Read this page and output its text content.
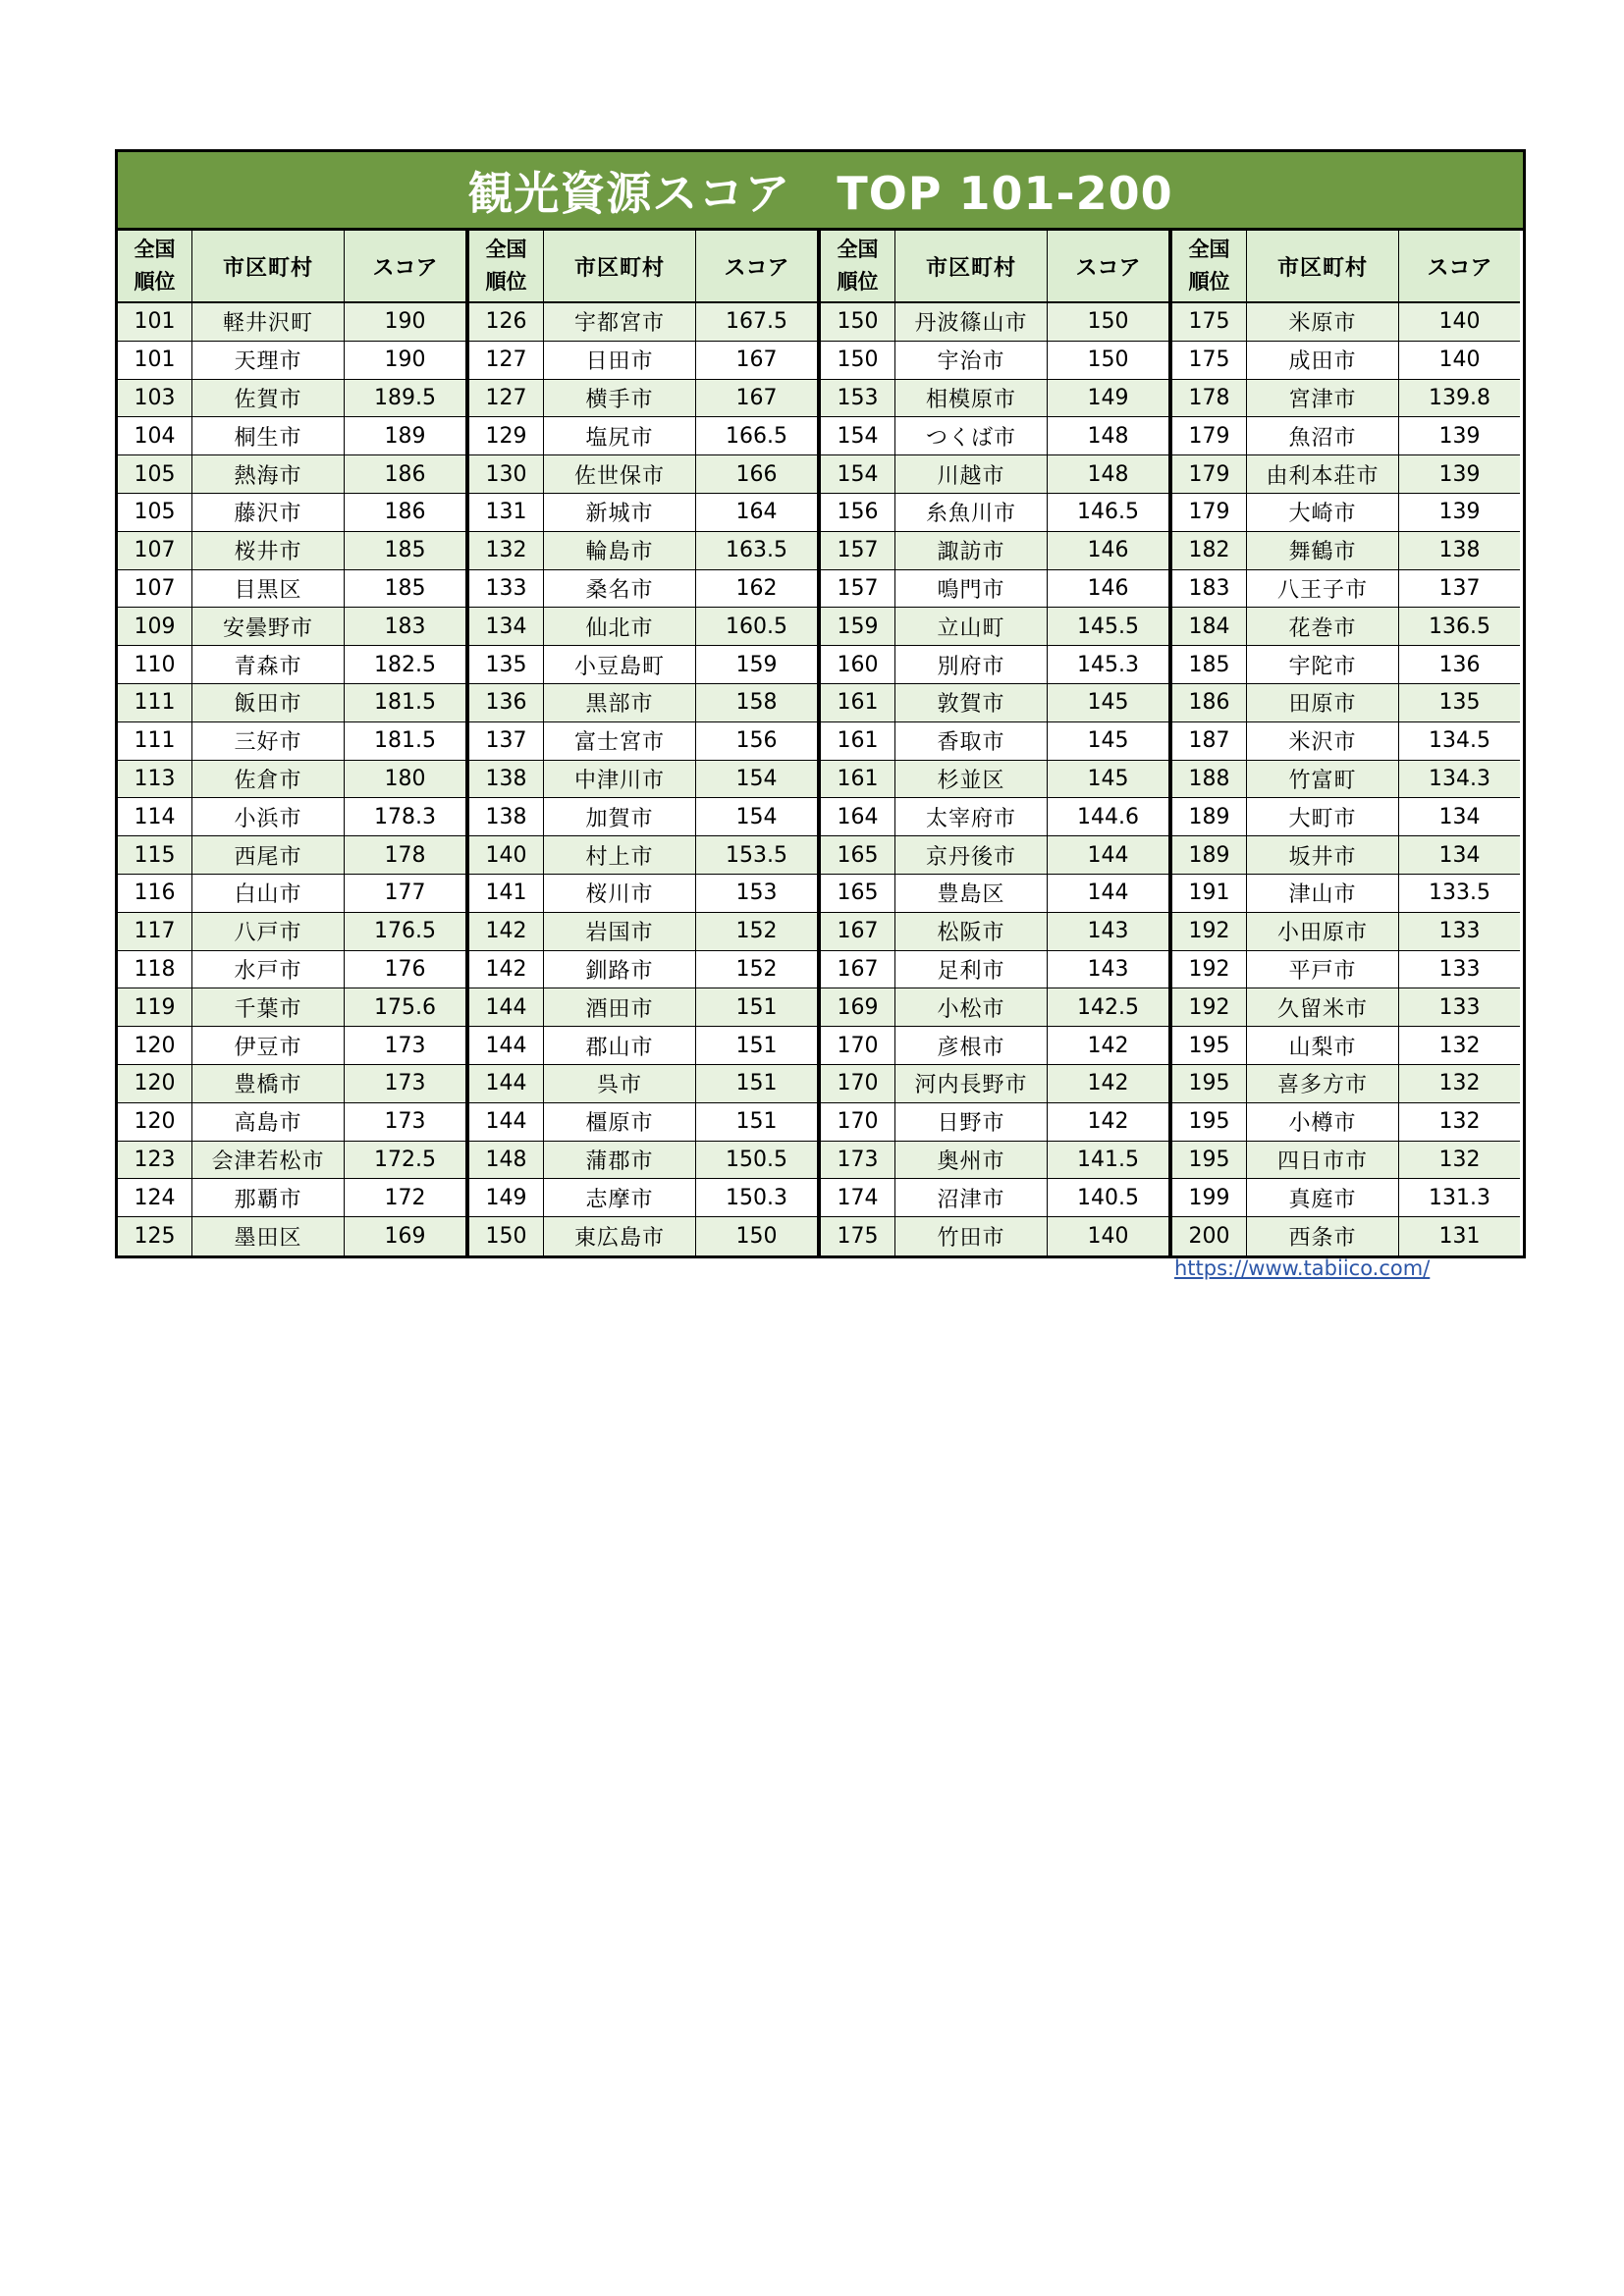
観光資源スコア　TOP 101-200
全国
順位
市区町村	スコア
101	軽井沢町	190
101	天理市	190
103	佐賀市	189.5
104	桐生市	189
105	熱海市	186
105	藤沢市	186
107	桜井市	185
107	目黒区	185
109	安曇野市	183
110	青森市	182.5
111	飯田市	181.5
111	三好市	181.5
113	佐倉市	180
114	小浜市	178.3
115	西尾市	178
116	白山市	177
117	八戸市	176.5
118	水戸市	176
119	千葉市	175.6
120	伊豆市	173
120	豊橋市	173
120	高島市	173
123	会津若松市	172.5
124	那覇市	172
125	墨田区	169
全国
順位
市区町村	スコア
126	宇都宮市	167.5
127	日田市	167
127	横手市	167
129	塩尻市	166.5
130	佐世保市	166
131	新城市	164
132	輪島市	163.5
133	桑名市	162
134	仙北市	160.5
135	小豆島町	159
136	黒部市	158
137	富士宮市	156
138	中津川市	154
138	加賀市	154
140	村上市	153.5
141	桜川市	153
142	岩国市	152
142	釧路市	152
144	酒田市	151
144	郡山市	151
144	呉市	151
144	橿原市	151
148	蒲郡市	150.5
149	志摩市	150.3
150	東広島市	150
全国
順位
市区町村	スコア
150	丹波篠山市	150
150	宇治市	150
153	相模原市	149
154	つくば市	148
154	川越市	148
156	糸魚川市	146.5
157	諏訪市	146
157	鳴門市	146
159	立山町	145.5
160	別府市	145.3
161	敦賀市	145
161	香取市	145
161	杉並区	145
164	太宰府市	144.6
165	京丹後市	144
165	豊島区	144
167	松阪市	143
167	足利市	143
169	小松市	142.5
170	彦根市	142
170	河内長野市	142
170	日野市	142
173	奥州市	141.5
174	沼津市	140.5
175	竹田市	140
全国
順位
市区町村	スコア
175	米原市	140
175	成田市	140
178	宮津市	139.8
179	魚沼市	139
179	由利本荘市	139
179	大崎市	139
182	舞鶴市	138
183	八王子市	137
184	花巻市	136.5
185	宇陀市	136
186	田原市	135
187	米沢市	134.5
188	竹富町	134.3
189	大町市	134
189	坂井市	134
191	津山市	133.5
192	小田原市	133
192	平戸市	133
192	久留米市	133
195	山梨市	132
195	喜多方市	132
195	小樽市	132
195	四日市市	132
199	真庭市	131.3
200	西条市	131
https://www.tabiico.com/
